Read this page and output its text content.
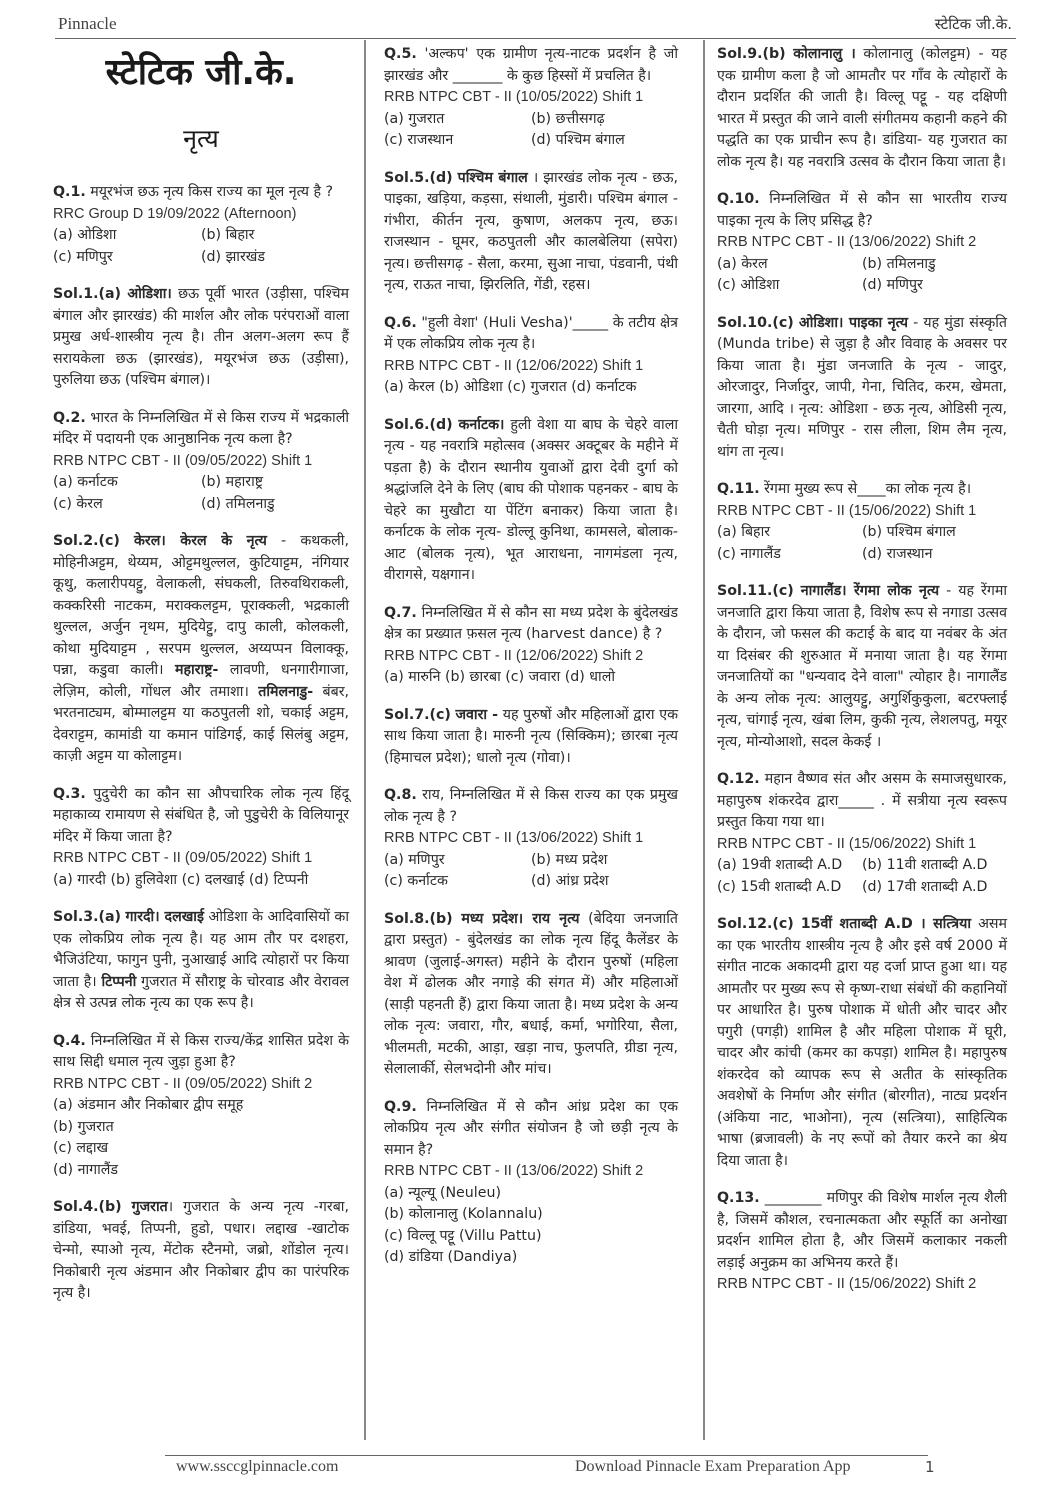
Pinnacle	स्टेटिक जी.के.
स्टेटिक जी.के.
नृत्य
Q.1. मयूरभंज छऊ नृत्य किस राज्य का मूल नृत्य है ?
RRC Group D 19/09/2022 (Afternoon)
(a) ओडिशा	(b) बिहार
(c) मणिपुर	(d) झारखंड
Sol.1.(a) ओडिशा। छऊ पूर्वी भारत (उड़ीसा, पश्चिम बंगाल और झारखंड) की मार्शल और लोक परंपराओं वाला प्रमुख अर्ध-शास्त्रीय नृत्य है। तीन अलग-अलग रूप हैं सरायकेला छऊ (झारखंड), मयूरभंज छऊ (उड़ीसा), पुरुलिया छऊ (पश्चिम बंगाल)।
Q.2. भारत के निम्नलिखित में से किस राज्य में भद्रकाली मंदिर में पदायनी एक आनुष्ठानिक नृत्य कला है?
RRB NTPC CBT - II (09/05/2022) Shift 1
(a) कर्नाटक	(b) महाराष्ट्र
(c) केरल	(d) तमिलनाडु
Sol.2.(c) केरल। केरल के नृत्य - कथकली, मोहिनीअट्टम, थेय्यम, ओट्टमथुल्लल, कुटियाट्टम, नंगियार कूथु, कलारीपयट्टु, वेलाकली, संघकली, तिरुवथिराकली, कक्करिसी नाटकम, मराक्कलट्टम, पूराक्कली, भद्रकाली थुल्लल, अर्जुन नृथम, मुदियेट्टु, दापु काली, कोलकली, कोथा मुदियाट्टम , सरपम थुल्लल, अय्यप्पन विलाक्कू, पन्ना, कडुवा काली। महाराष्ट्र- लावणी, धनगारीगाजा, लेज़िम, कोली, गोंधल और तमाशा। तमिलनाडु- बंबर, भरतनाट्यम, बोम्मालट्टम या कठपुतली शो, चकाई अट्टम, देवराट्टम, कामांडी या कमान पांडिगई, काई सिलंबु अट्टम, काज़ी अट्टम या कोलाट्टम।
Q.3. पुदुचेरी का कौन सा औपचारिक लोक नृत्य हिंदू महाकाव्य रामायण से संबंधित है, जो पुडुचेरी के विलियानूर मंदिर में किया जाता है?
RRB NTPC CBT - II (09/05/2022) Shift 1
(a) गारदी (b) हुलिवेशा (c) दलखाई (d) टिप्पनी
Sol.3.(a) गारदी। दलखाई ओडिशा के आदिवासियों का एक लोकप्रिय लोक नृत्य है। यह आम तौर पर दशहरा, भैजिउंटिया, फागुन पुनी, नुआखाई आदि त्योहारों पर किया जाता है। टिप्पनी गुजरात में सौराष्ट्र के चोरवाड और वेरावल क्षेत्र से उत्पन्न लोक नृत्य का एक रूप है।
Q.4. निम्नलिखित में से किस राज्य/केंद्र शासित प्रदेश के साथ सिद्दी धमाल नृत्य जुड़ा हुआ है?
RRB NTPC CBT - II (09/05/2022) Shift 2
(a) अंडमान और निकोबार द्वीप समूह
(b) गुजरात
(c) लद्दाख
(d) नागालैंड
Sol.4.(b) गुजरात। गुजरात के अन्य नृत्य -गरबा, डांडिया, भवई, तिप्पनी, हुडो, पधार। लद्दाख -खाटोक चेन्मो, स्पाओ नृत्य, मेंटोक स्टैनमो, जब्रो, शोंडोल नृत्य। निकोबारी नृत्य अंडमान और निकोबार द्वीप का पारंपरिक नृत्य है।
Q.5. 'अल्कप' एक ग्रामीण नृत्य-नाटक प्रदर्शन है जो झारखंड और _______ के कुछ हिस्सों में प्रचलित है।
RRB NTPC CBT - II (10/05/2022) Shift 1
(a) गुजरात	(b) छत्तीसगढ़
(c) राजस्थान	(d) पश्चिम बंगाल
Sol.5.(d) पश्चिम बंगाल । झारखंड लोक नृत्य - छऊ, पाइका, खड़िया, कड़सा, संथाली, मुंडारी। पश्चिम बंगाल - गंभीरा, कीर्तन नृत्य, कुषाण, अलकप नृत्य, छऊ। राजस्थान - घूमर, कठपुतली और कालबेलिया (सपेरा) नृत्य। छत्तीसगढ़ - सैला, करमा, सुआ नाचा, पंडवानी, पंथी नृत्य, राऊत नाचा, झिरलिति, गेंडी, रहस।
Q.6. "हुली वेशा' (Huli Vesha)'_____ के तटीय क्षेत्र में एक लोकप्रिय लोक नृत्य है।
RRB NTPC CBT - II (12/06/2022) Shift 1
(a) केरल (b) ओडिशा (c) गुजरात (d) कर्नाटक
Sol.6.(d) कर्नाटक। हुली वेशा या बाघ के चेहरे वाला नृत्य - यह नवरात्रि महोत्सव (अक्सर अक्टूबर के महीने में पड़ता है) के दौरान स्थानीय युवाओं द्वारा देवी दुर्गा को श्रद्धांजलि देने के लिए (बाघ की पोशाक पहनकर - बाघ के चेहरे का मुखौटा या पेंटिंग बनाकर) किया जाता है। कर्नाटक के लोक नृत्य- डोल्लू कुनिथा, कामसले, बोलाक-आट (बोलक नृत्य), भूत आराधना, नागमंडला नृत्य, वीरागसे, यक्षगान।
Q.7. निम्नलिखित में से कौन सा मध्य प्रदेश के बुंदेलखंड क्षेत्र का प्रख्यात फ़सल नृत्य (harvest dance) है ?
RRB NTPC CBT - II (12/06/2022) Shift 2
(a) मारुनि (b) छारबा (c) जवारा (d) धालो
Sol.7.(c) जवारा - यह पुरुषों और महिलाओं द्वारा एक साथ किया जाता है। मारुनी नृत्य (सिक्किम); छारबा नृत्य (हिमाचल प्रदेश); धालो नृत्य (गोवा)।
Q.8. राय, निम्नलिखित में से किस राज्य का एक प्रमुख लोक नृत्य है ?
RRB NTPC CBT - II (13/06/2022) Shift 1
(a) मणिपुर	(b) मध्य प्रदेश
(c) कर्नाटक	(d) आंध्र प्रदेश
Sol.8.(b) मध्य प्रदेश। राय नृत्य (बेदिया जनजाति द्वारा प्रस्तुत) - बुंदेलखंड का लोक नृत्य हिंदू कैलेंडर के श्रावण (जुलाई-अगस्त) महीने के दौरान पुरुषों (महिला वेश में ढोलक और नगाड़े की संगत में) और महिलाओं (साड़ी पहनती हैं) द्वारा किया जाता है। मध्य प्रदेश के अन्य लोक नृत्य: जवारा, गौर, बधाई, कर्मा, भगोरिया, सैला, भीलमती, मटकी, आड़ा, खड़ा नाच, फुलपति, ग्रीडा नृत्य, सेलालार्की, सेलभदोनी और मांच।
Q.9. निम्नलिखित में से कौन आंध्र प्रदेश का एक लोकप्रिय नृत्य और संगीत संयोजन है जो छड़ी नृत्य के समान है?
RRB NTPC CBT - II (13/06/2022) Shift 2
(a) न्यूल्यू (Neuleu)
(b) कोलानालु (Kolannalu)
(c) विल्लू पट्टू (Villu Pattu)
(d) डांडिया (Dandiya)
Sol.9.(b) कोलानालु । कोलानालु (कोलट्टम) - यह एक ग्रामीण कला है जो आमतौर पर गाँव के त्योहारों के दौरान प्रदर्शित की जाती है। विल्लू पट्टू - यह दक्षिणी भारत में प्रस्तुत की जाने वाली संगीतमय कहानी कहने की पद्धति का एक प्राचीन रूप है। डांडिया- यह गुजरात का लोक नृत्य है। यह नवरात्रि उत्सव के दौरान किया जाता है।
Q.10. निम्नलिखित में से कौन सा भारतीय राज्य पाइका नृत्य के लिए प्रसिद्ध है?
RRB NTPC CBT - II (13/06/2022) Shift 2
(a) केरल	(b) तमिलनाडु
(c) ओडिशा	(d) मणिपुर
Sol.10.(c) ओडिशा। पाइका नृत्य - यह मुंडा संस्कृति (Munda tribe) से जुड़ा है और विवाह के अवसर पर किया जाता है। मुंडा जनजाति के नृत्य - जादुर, ओरजादुर, निर्जादुर, जापी, गेना, चितिद, करम, खेमता, जारगा, आदि । नृत्य: ओडिशा - छऊ नृत्य, ओडिसी नृत्य, चैती घोड़ा नृत्य। मणिपुर - रास लीला, शिम लैम नृत्य, थांग ता नृत्य।
Q.11. रेंगमा मुख्य रूप से____का लोक नृत्य है।
RRB NTPC CBT - II (15/06/2022) Shift 1
(a) बिहार	(b) पश्चिम बंगाल
(c) नागालैंड	(d) राजस्थान
Sol.11.(c) नागालैंड। रेंगमा लोक नृत्य - यह रेंगमा जनजाति द्वारा किया जाता है, विशेष रूप से नगाडा उत्सव के दौरान, जो फसल की कटाई के बाद या नवंबर के अंत या दिसंबर की शुरुआत में मनाया जाता है। यह रेंगमा जनजातियों का "धन्यवाद देने वाला" त्योहार है। नागालैंड के अन्य लोक नृत्य: आलुयट्टु, अगुर्शिकुकुला, बटरफ्लाई नृत्य, चांगाई नृत्य, खंबा लिम, कुकी नृत्य, लेशलपतु, मयूर नृत्य, मोन्योआशो, सदल केकई ।
Q.12. महान वैष्णव संत और असम के समाजसुधारक, महापुरुष शंकरदेव द्वारा_____ . में सत्रीया नृत्य स्वरूप प्रस्तुत किया गया था।
RRB NTPC CBT - II (15/06/2022) Shift 1
(a) 19वी शताब्दी A.D	(b) 11वी शताब्दी A.D
(c) 15वी शताब्दी A.D	(d) 17वी शताब्दी A.D
Sol.12.(c) 15वीं शताब्दी A.D । सत्त्रिया असम का एक भारतीय शास्त्रीय नृत्य है और इसे वर्ष 2000 में संगीत नाटक अकादमी द्वारा यह दर्जा प्राप्त हुआ था। यह आमतौर पर मुख्य रूप से कृष्ण-राधा संबंधों की कहानियों पर आधारित है। पुरुष पोशाक में धोती और चादर और पगुरी (पगड़ी) शामिल है और महिला पोशाक में घूरी, चादर और कांची (कमर का कपड़ा) शामिल है। महापुरुष शंकरदेव को व्यापक रूप से अतीत के सांस्कृतिक अवशेषों के निर्माण और संगीत (बोरगीत), नाट्य प्रदर्शन (अंकिया नाट, भाओना), नृत्य (सत्त्रिया), साहित्यिक भाषा (ब्रजावली) के नए रूपों को तैयार करने का श्रेय दिया जाता है।
Q.13. ________ मणिपुर की विशेष मार्शल नृत्य शैली है, जिसमें कौशल, रचनात्मकता और स्फूर्ति का अनोखा प्रदर्शन शामिल होता है, और जिसमें कलाकार नकली लड़ाई अनुक्रम का अभिनय करते हैं।
RRB NTPC CBT - II (15/06/2022) Shift 2
www.ssccglpinnacle.com	Download Pinnacle Exam Preparation App	1
